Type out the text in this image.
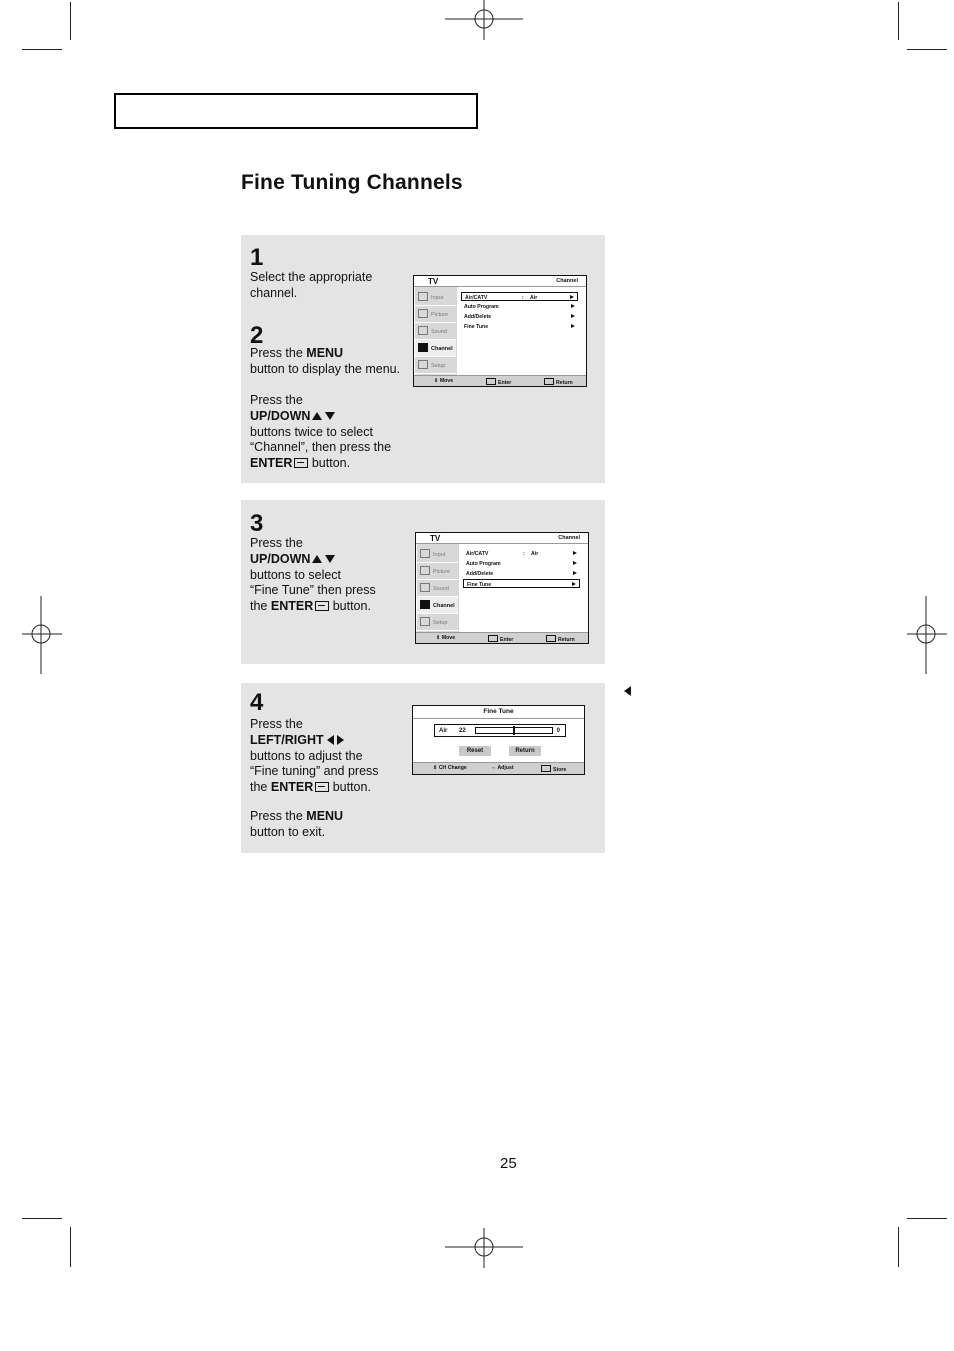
Fine Tuning Channels
1
Select the appropriate
channel.
2
Press the MENU
button to display the menu.
Press the
UP/DOWN
buttons twice to select
“Channel”, then press the
ENTER button.
TV	Channel
Input
Picture
Sound
Channel
Setup
Air/CATV	: Air
Auto Program
Add/Delete
Fine Tune
⇕ Move	Enter	Return
3
Press the
UP/DOWN
buttons to select
“Fine Tune” then press
the ENTER button.
TV	Channel
Input
Picture
Sound
Channel
Setup
Air/CATV	: Air
Auto Program
Add/Delete
Fine Tune
⇕ Move	Enter	Return
4
Press the
LEFT/RIGHT
buttons to adjust the
“Fine tuning” and press
the ENTER button.
Press the MENU
button to exit.
Fine Tune
Air 22	0
Reset	Return
⇕ CH Change	⇔ Adjust	Store
25
